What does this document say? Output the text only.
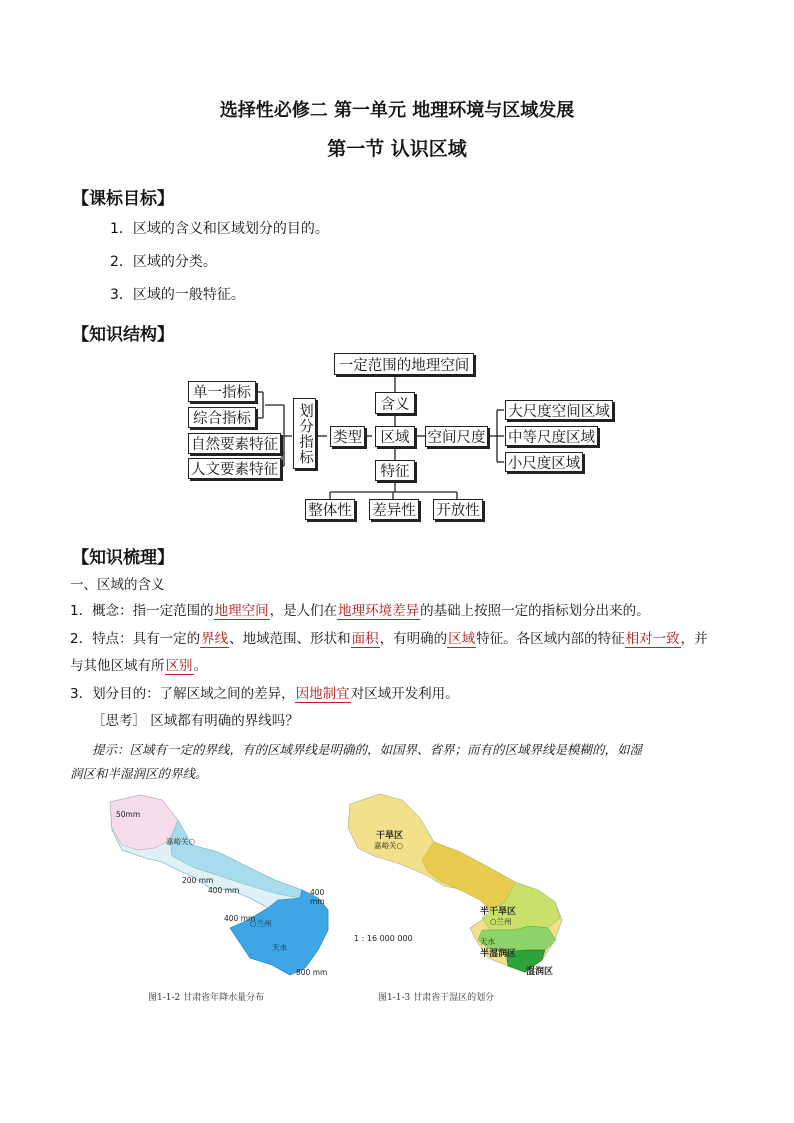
选择性必修二 第一单元 地理环境与区域发展
第一节 认识区域
【课标目标】
1．区域的含义和区域划分的目的。
2．区域的分类。
3．区域的一般特征。
【知识结构】
一定范围的地理空间
含义
区域
类型
划分指标
单一指标
综合指标
自然要素特征
人文要素特征
空间尺度
大尺度空间区域
中等尺度区域
小尺度区域
特征
整体性 差异性 开放性
【知识梳理】
一、区域的含义
1．概念：指一定范围的地理空间，是人们在地理环境差异的基础上按照一定的指标划分出来的。
2．特点：具有一定的界线、地域范围、形状和面积，有明确的区域特征。各区域内部的特征相对一致，并
与其他区域有所区别。
3．划分目的：了解区域之间的差异，因地制宜对区域开发利用。
［思考］ 区域都有明确的界线吗？
提示：区域有一定的界线，有的区域界线是明确的，如国界、省界；而有的区域界线是模糊的，如湿
润区和半湿润区的界线。
50mm
嘉峪关○
200 mm
400 mm	400 mm
400 mm
○兰州
天水
800 mm
图1-1-2 甘肃省年降水量分布
干旱区
嘉峪关○
半干旱区
○兰州
天水
半湿润区
湿润区
1 : 16 000 000
图1-1-3 甘肃省干湿区的划分
